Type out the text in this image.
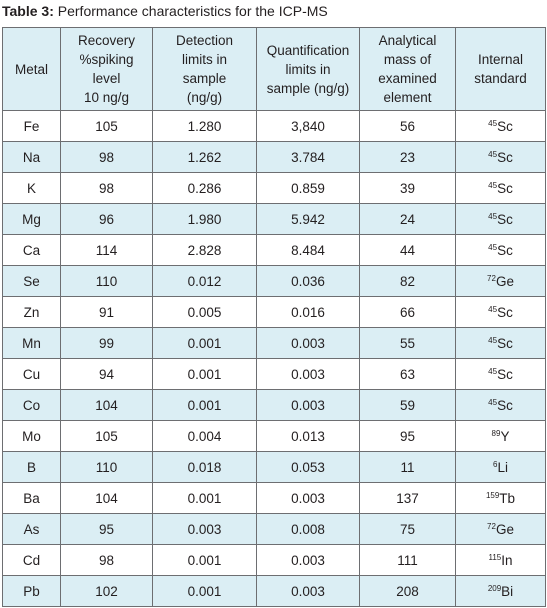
Table 3: Performance characteristics for the ICP-MS
Metal	Recovery
%spiking
level
10 ng/g	Detection
limits in
sample
(ng/g)	Quantification
limits in
sample (ng/g)	Analytical
mass of
examined
element	Internal
standard
Fe	105	1.280	3,840	56	$^{45}$Sc
Na	98	1.262	3.784	23	$^{45}$Sc
K	98	0.286	0.859	39	$^{45}$Sc
Mg	96	1.980	5.942	24	$^{45}$Sc
Ca	114	2.828	8.484	44	$^{45}$Sc
Se	110	0.012	0.036	82	$^{72}$Ge
Zn	91	0.005	0.016	66	$^{45}$Sc
Mn	99	0.001	0.003	55	$^{45}$Sc
Cu	94	0.001	0.003	63	$^{45}$Sc
Co	104	0.001	0.003	59	$^{45}$Sc
Mo	105	0.004	0.013	95	$^{89}$Y
B	110	0.018	0.053	11	$^6$Li
Ba	104	0.001	0.003	137	$^{159}$Tb
As	95	0.003	0.008	75	$^{72}$Ge
Cd	98	0.001	0.003	111	$^{115}$In
Pb	102	0.001	0.003	208	$^{209}$Bi
